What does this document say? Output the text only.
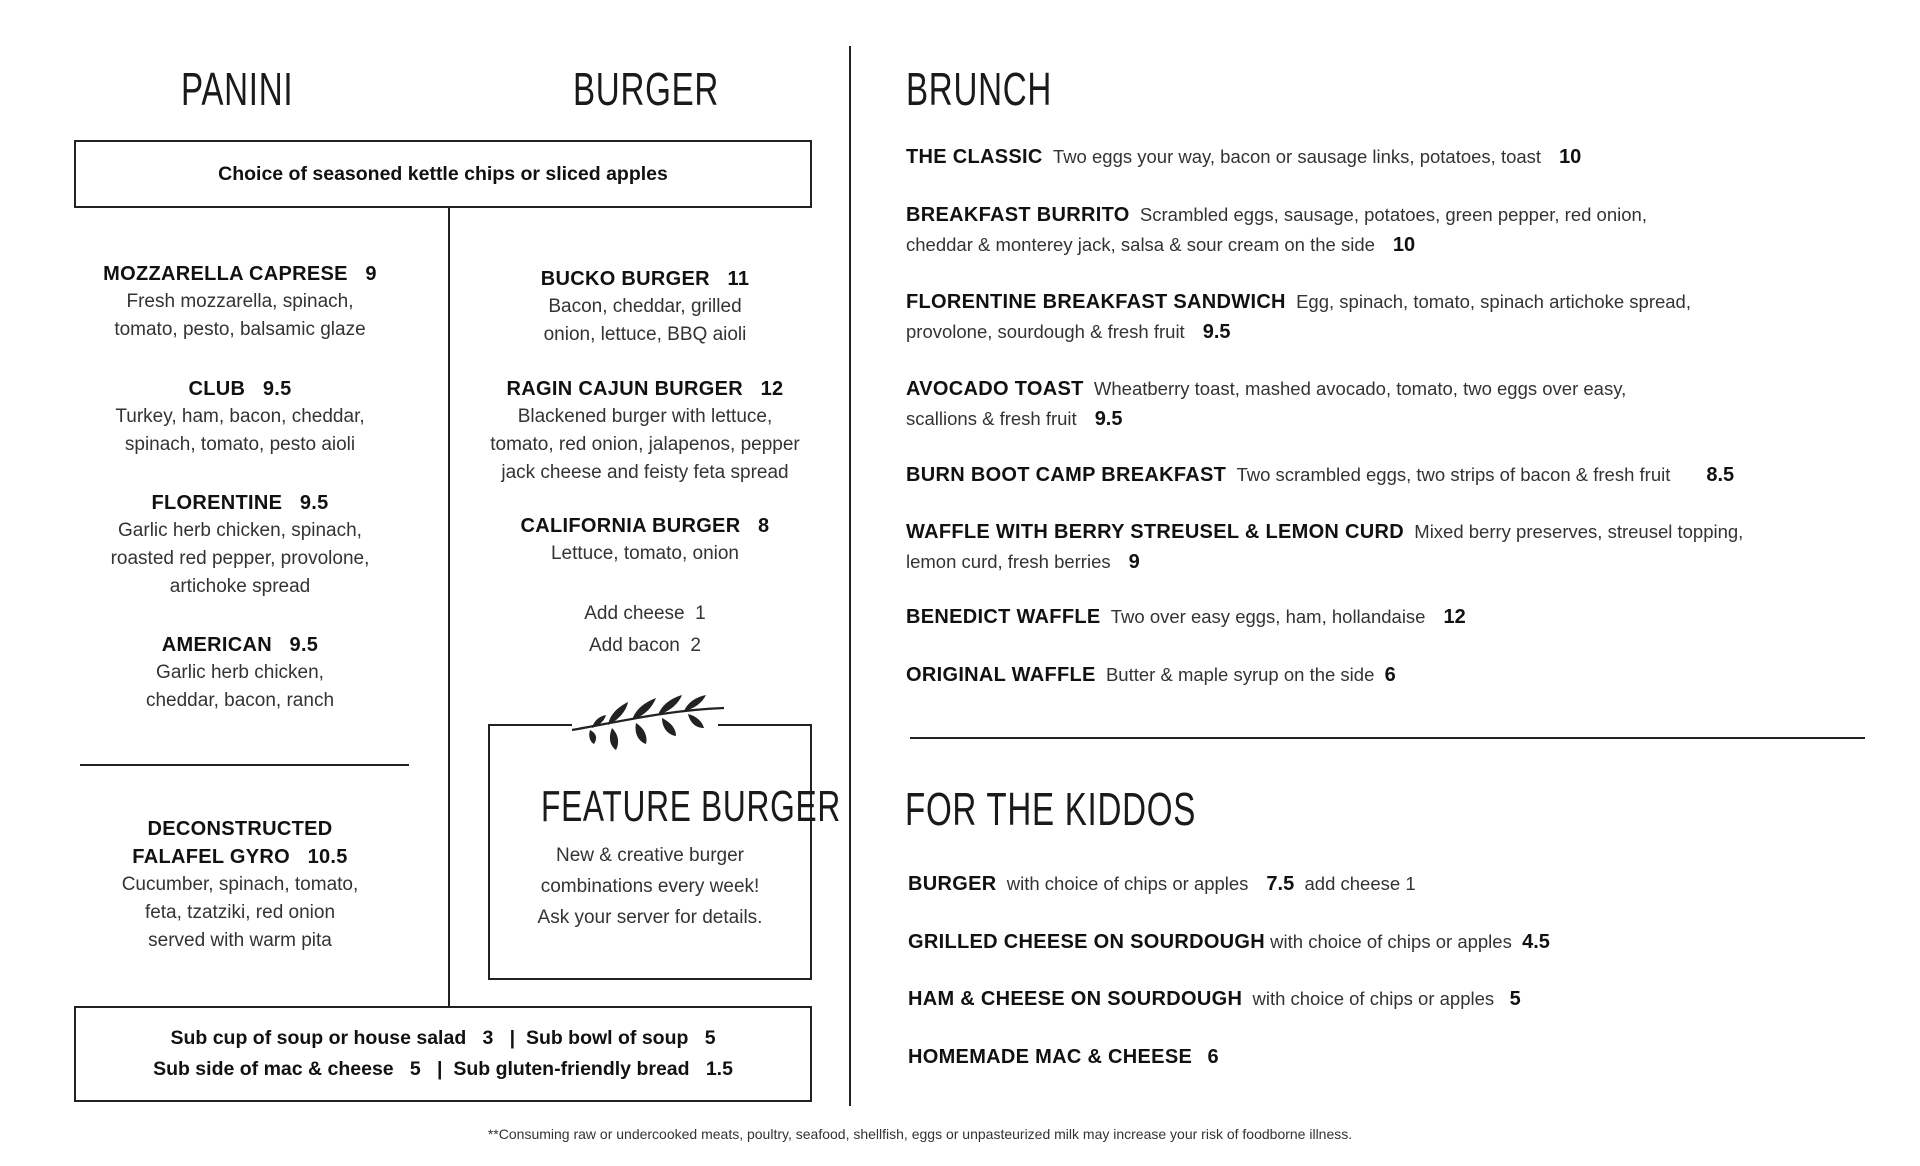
PANINI	BURGER	BRUNCH
FOR THE KIDDOS
Choice of seasoned kettle chips or sliced apples
MOZZARELLA CAPRESE 9
Fresh mozzarella, spinach,
tomato, pesto, balsamic glaze
CLUB 9.5
Turkey, ham, bacon, cheddar,
spinach, tomato, pesto aioli
FLORENTINE 9.5
Garlic herb chicken, spinach,
roasted red pepper, provolone,
artichoke spread
AMERICAN 9.5
Garlic herb chicken,
cheddar, bacon, ranch
DECONSTRUCTED
FALAFEL GYRO 10.5
Cucumber, spinach, tomato,
feta, tzatziki, red onion
served with warm pita
BUCKO BURGER 11
Bacon, cheddar, grilled
onion, lettuce, BBQ aioli
RAGIN CAJUN BURGER 12
Blackened burger with lettuce,
tomato, red onion, jalapenos, pepper
jack cheese and feisty feta spread
CALIFORNIA BURGER 8
Lettuce, tomato, onion
Add cheese 1
Add bacon 2
FEATURE BURGER
New & creative burger
combinations every week!
Ask your server for details.
Sub cup of soup or house salad 3 | Sub bowl of soup 5
Sub side of mac & cheese 5 | Sub gluten-friendly bread 1.5
THE CLASSIC Two eggs your way, bacon or sausage links, potatoes, toast 10
BREAKFAST BURRITO Scrambled eggs, sausage, potatoes, green pepper, red onion,
cheddar & monterey jack, salsa & sour cream on the side 10
FLORENTINE BREAKFAST SANDWICH Egg, spinach, tomato, spinach artichoke spread,
provolone, sourdough & fresh fruit 9.5
AVOCADO TOAST Wheatberry toast, mashed avocado, tomato, two eggs over easy,
scallions & fresh fruit 9.5
BURN BOOT CAMP BREAKFAST Two scrambled eggs, two strips of bacon & fresh fruit 8.5
WAFFLE WITH BERRY STREUSEL & LEMON CURD Mixed berry preserves, streusel topping,
lemon curd, fresh berries 9
BENEDICT WAFFLE Two over easy eggs, ham, hollandaise 12
ORIGINAL WAFFLE Butter & maple syrup on the side 6
BURGER with choice of chips or apples 7.5 add cheese 1
GRILLED CHEESE ON SOURDOUGH with choice of chips or apples 4.5
HAM & CHEESE ON SOURDOUGH with choice of chips or apples 5
HOMEMADE MAC & CHEESE 6
**Consuming raw or undercooked meats, poultry, seafood, shellfish, eggs or unpasteurized milk may increase your risk of foodborne illness.
